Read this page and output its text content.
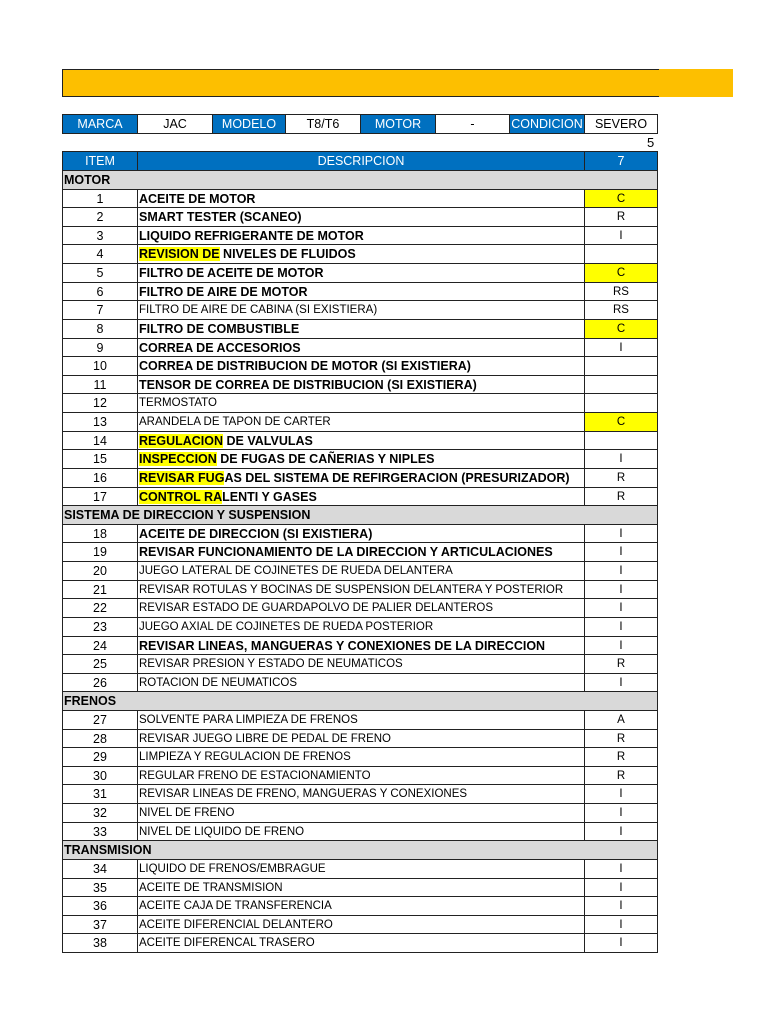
MARCA	JAC	MODELO	T8/T6	MOTOR	-	CONDICION SEVERO
5
ITEM	DESCRIPCION	7
MOTOR
1	ACEITE DE MOTOR	C
2	SMART TESTER (SCANEO)	R
3	LIQUIDO REFRIGERANTE DE MOTOR	I
4	REVISION DE NIVELES DE FLUIDOS
5	FILTRO DE ACEITE DE MOTOR	C
6	FILTRO DE AIRE DE MOTOR	RS
7	FILTRO DE AIRE DE CABINA (SI EXISTIERA)	RS
8	FILTRO DE COMBUSTIBLE	C
9	CORREA DE ACCESORIOS	I
10	CORREA DE DISTRIBUCION DE MOTOR (SI EXISTIERA)
11	TENSOR DE CORREA DE DISTRIBUCION (SI EXISTIERA)
12	TERMOSTATO
13	ARANDELA DE TAPON DE CARTER	C
14	REGULACION DE VALVULAS
15	INSPECCION DE FUGAS DE CAÑERIAS Y NIPLES	I
16	REVISAR FUG AS DEL SISTEMA DE REFIRGERACION (PRESURIZADOR)	R
17	CONTROL RA LENTI Y GASES	R
SISTEMA DE DIRECCION Y SUSPENSION
18	ACEITE DE DIRECCION (SI EXISTIERA)	I
19	REVISAR FUNCIONAMIENTO DE LA DIRECCION Y ARTICULACIONES	I
20	JUEGO LATERAL DE COJINETES DE RUEDA DELANTERA	I
21	REVISAR ROTULAS Y BOCINAS DE SUSPENSION DELANTERA Y POSTERIOR	I
22	REVISAR ESTADO DE GUARDAPOLVO DE PALIER DELANTEROS	I
23	JUEGO AXIAL DE COJINETES DE RUEDA POSTERIOR	I
24	REVISAR LINEAS, MANGUERAS Y CONEXIONES DE LA DIRECCION	I
25	REVISAR PRESION Y ESTADO DE NEUMATICOS	R
26	ROTACION DE NEUMATICOS	I
FRENOS
27	SOLVENTE PARA LIMPIEZA DE FRENOS	A
28	REVISAR JUEGO LIBRE DE PEDAL DE FRENO	R
29	LIMPIEZA Y REGULACION DE FRENOS	R
30	REGULAR FRENO DE ESTACIONAMIENTO	R
31	REVISAR LINEAS DE FRENO, MANGUERAS Y CONEXIONES	I
32	NIVEL DE FRENO	I
33	NIVEL DE LIQUIDO DE FRENO	I
TRANSMISION
34	LIQUIDO DE FRENOS/EMBRAGUE	I
35	ACEITE DE TRANSMISION	I
36	ACEITE CAJA DE TRANSFERENCIA	I
37	ACEITE DIFERENCIAL DELANTERO	I
38	ACEITE DIFERENCAL TRASERO	I
